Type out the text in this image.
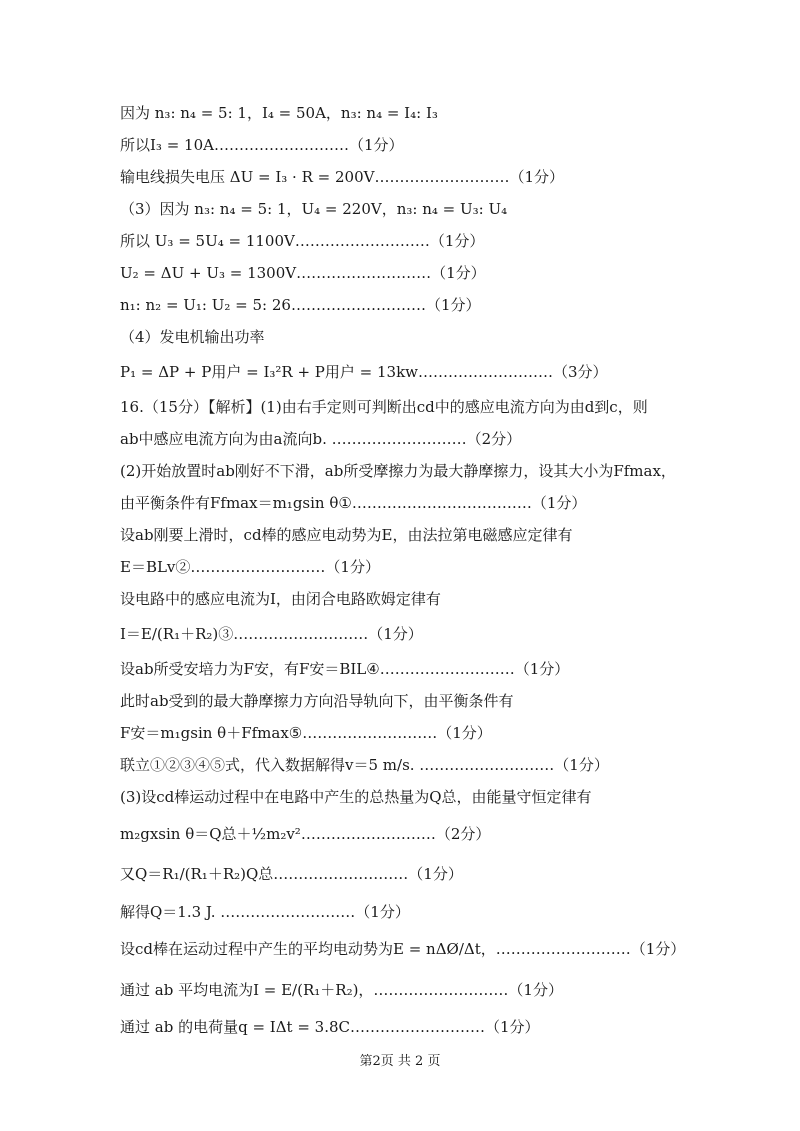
因为 n₃: n₄ = 5: 1，I₄ = 50A，n₃: n₄ = I₄: I₃
所以I₃ = 10A………………………（1分）
输电线损失电压 ΔU = I₃ · R = 200V………………………（1分）
（3）因为 n₃: n₄ = 5: 1，U₄ = 220V，n₃: n₄ = U₃: U₄
所以 U₃ = 5U₄ = 1100V………………………（1分）
U₂ = ΔU + U₃ = 1300V………………………（1分）
n₁: n₂ = U₁: U₂ = 5: 26………………………（1分）
（4）发电机输出功率
P₁ = ΔP + P用户 = I₃²R + P用户 = 13kw………………………（3分）
16.（15分）【解析】(1)由右手定则可判断出cd中的感应电流方向为由d到c，则
ab中感应电流方向为由a流向b. ………………………（2分）
(2)开始放置时ab刚好不下滑，ab所受摩擦力为最大静摩擦力，设其大小为Ffmax，
由平衡条件有Ffmax＝m₁gsin θ①………………………………（1分）
设ab刚要上滑时，cd棒的感应电动势为E，由法拉第电磁感应定律有
E＝BLv②………………………（1分）
设电路中的感应电流为I，由闭合电路欧姆定律有
I＝E/(R₁＋R₂)③………………………（1分）
设ab所受安培力为F安，有F安＝BIL④………………………（1分）
此时ab受到的最大静摩擦力方向沿导轨向下，由平衡条件有
F安＝m₁gsin θ＋Ffmax⑤………………………（1分）
联立①②③④⑤式，代入数据解得v＝5 m/s. ………………………（1分）
(3)设cd棒运动过程中在电路中产生的总热量为Q总，由能量守恒定律有
m₂gxsin θ＝Q总＋½m₂v²………………………（2分）
又Q＝R₁/(R₁＋R₂)Q总………………………（1分）
解得Q＝1.3 J. ………………………（1分）
设cd棒在运动过程中产生的平均电动势为E = nΔØ/Δt，………………………（1分）
通过 ab 平均电流为I = E/(R₁＋R₂)，………………………（1分）
通过 ab 的电荷量q = IΔt = 3.8C………………………（1分）
第2页 共 2 页
